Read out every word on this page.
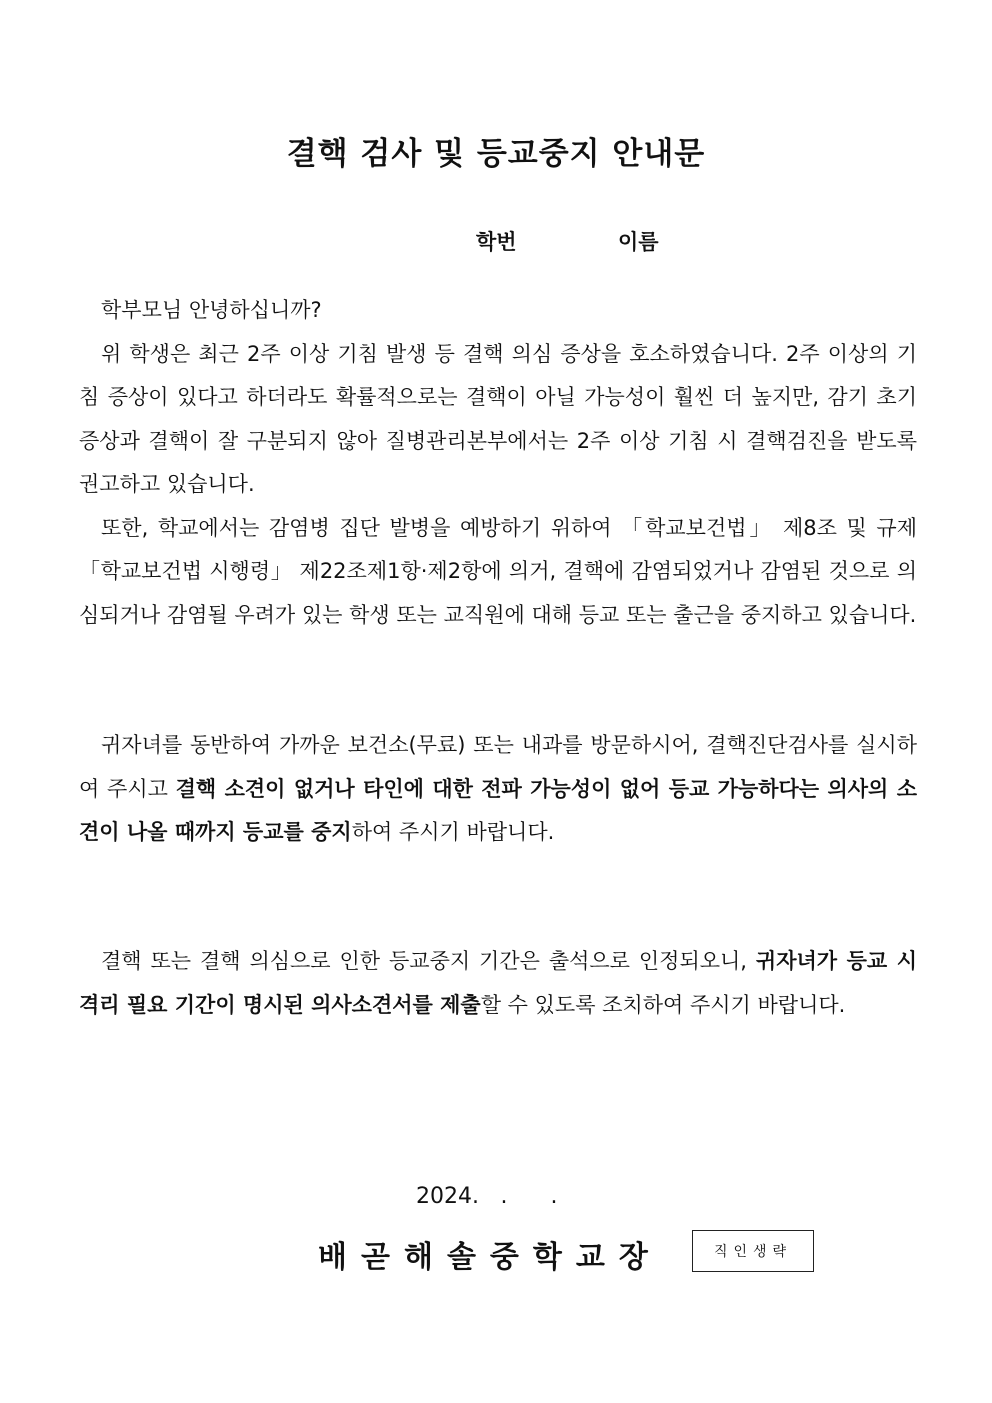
결핵 검사 및 등교중지 안내문
학번	이름

학부모님 안녕하십니까?

위 학생은 최근 2주 이상 기침 발생 등 결핵 의심 증상을 호소하였습니다. 2주 이상의 기침 증상이 있다고 하더라도 확률적으로는 결핵이 아닐 가능성이 훨씬 더 높지만, 감기 초기 증상과 결핵이 잘 구분되지 않아 질병관리본부에서는 2주 이상 기침 시 결핵검진을 받도록 권고하고 있습니다.

또한, 학교에서는 감염병 집단 발병을 예방하기 위하여 「학교보건법」 제8조 및 규제「학교보건법 시행령」 제22조제1항·제2항에 의거, 결핵에 감염되었거나 감염된 것으로 의심되거나 감염될 우려가 있는 학생 또는 교직원에 대해 등교 또는 출근을 중지하고 있습니다.

귀자녀를 동반하여 가까운 보건소(무료) 또는 내과를 방문하시어, 결핵진단검사를 실시하여 주시고 결핵 소견이 없거나 타인에 대한 전파 가능성이 없어 등교 가능하다는 의사의 소견이 나올 때까지 등교를 중지하여 주시기 바랍니다.

결핵 또는 결핵 의심으로 인한 등교중지 기간은 출석으로 인정되오니, 귀자녀가 등교 시 격리 필요 기간이 명시된 의사소견서를 제출할 수 있도록 조치하여 주시기 바랍니다.

2024. . .
배곧해솔중학교장	직인생략
